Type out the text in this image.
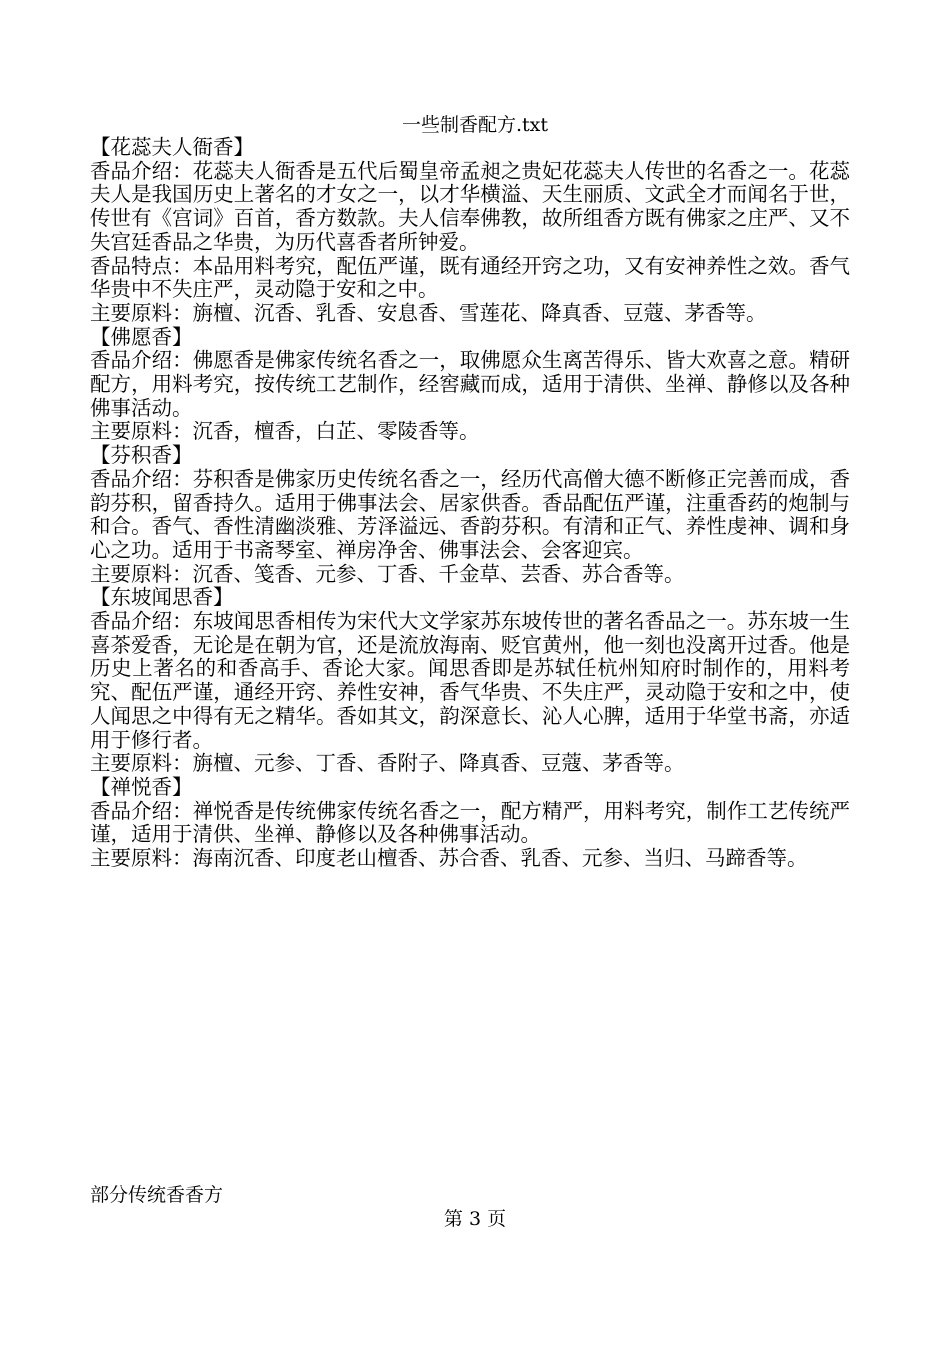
一些制香配方.txt

【花蕊夫人衙香】

香品介绍：花蕊夫人衙香是五代后蜀皇帝孟昶之贵妃花蕊夫人传世的名香之一。花蕊夫人是我国历史上著名的才女之一，以才华横溢、天生丽质、文武全才而闻名于世，传世有《宫词》百首，香方数款。夫人信奉佛教，故所组香方既有佛家之庄严、又不失宫廷香品之华贵，为历代喜香者所钟爱。

香品特点：本品用料考究，配伍严谨，既有通经开窍之功，又有安神养性之效。香气华贵中不失庄严，灵动隐于安和之中。

主要原料：旃檀、沉香、乳香、安息香、雪莲花、降真香、豆蔻、茅香等。

【佛愿香】

香品介绍：佛愿香是佛家传统名香之一，取佛愿众生离苦得乐、皆大欢喜之意。精研配方，用料考究，按传统工艺制作，经窖藏而成，适用于清供、坐禅、静修以及各种佛事活动。

主要原料：沉香，檀香，白芷、零陵香等。

【芬积香】

香品介绍：芬积香是佛家历史传统名香之一，经历代高僧大德不断修正完善而成，香韵芬积，留香持久。适用于佛事法会、居家供香。香品配伍严谨，注重香药的炮制与和合。香气、香性清幽淡雅、芳泽溢远、香韵芬积。有清和正气、养性虔神、调和身心之功。适用于书斋琴室、禅房净舍、佛事法会、会客迎宾。

主要原料：沉香、笺香、元参、丁香、千金草、芸香、苏合香等。

【东坡闻思香】

香品介绍：东坡闻思香相传为宋代大文学家苏东坡传世的著名香品之一。苏东坡一生喜茶爱香，无论是在朝为官，还是流放海南、贬官黄州，他一刻也没离开过香。他是历史上著名的和香高手、香论大家。闻思香即是苏轼任杭州知府时制作的，用料考究、配伍严谨，通经开窍、养性安神，香气华贵、不失庄严，灵动隐于安和之中，使人闻思之中得有无之精华。香如其文，韵深意长、沁人心脾，适用于华堂书斋，亦适用于修行者。

主要原料：旃檀、元参、丁香、香附子、降真香、豆蔻、茅香等。

【禅悦香】

香品介绍：禅悦香是传统佛家传统名香之一，配方精严，用料考究，制作工艺传统严谨，适用于清供、坐禅、静修以及各种佛事活动。

主要原料：海南沉香、印度老山檀香、苏合香、乳香、元参、当归、马蹄香等。

部分传统香香方
第 3 页
